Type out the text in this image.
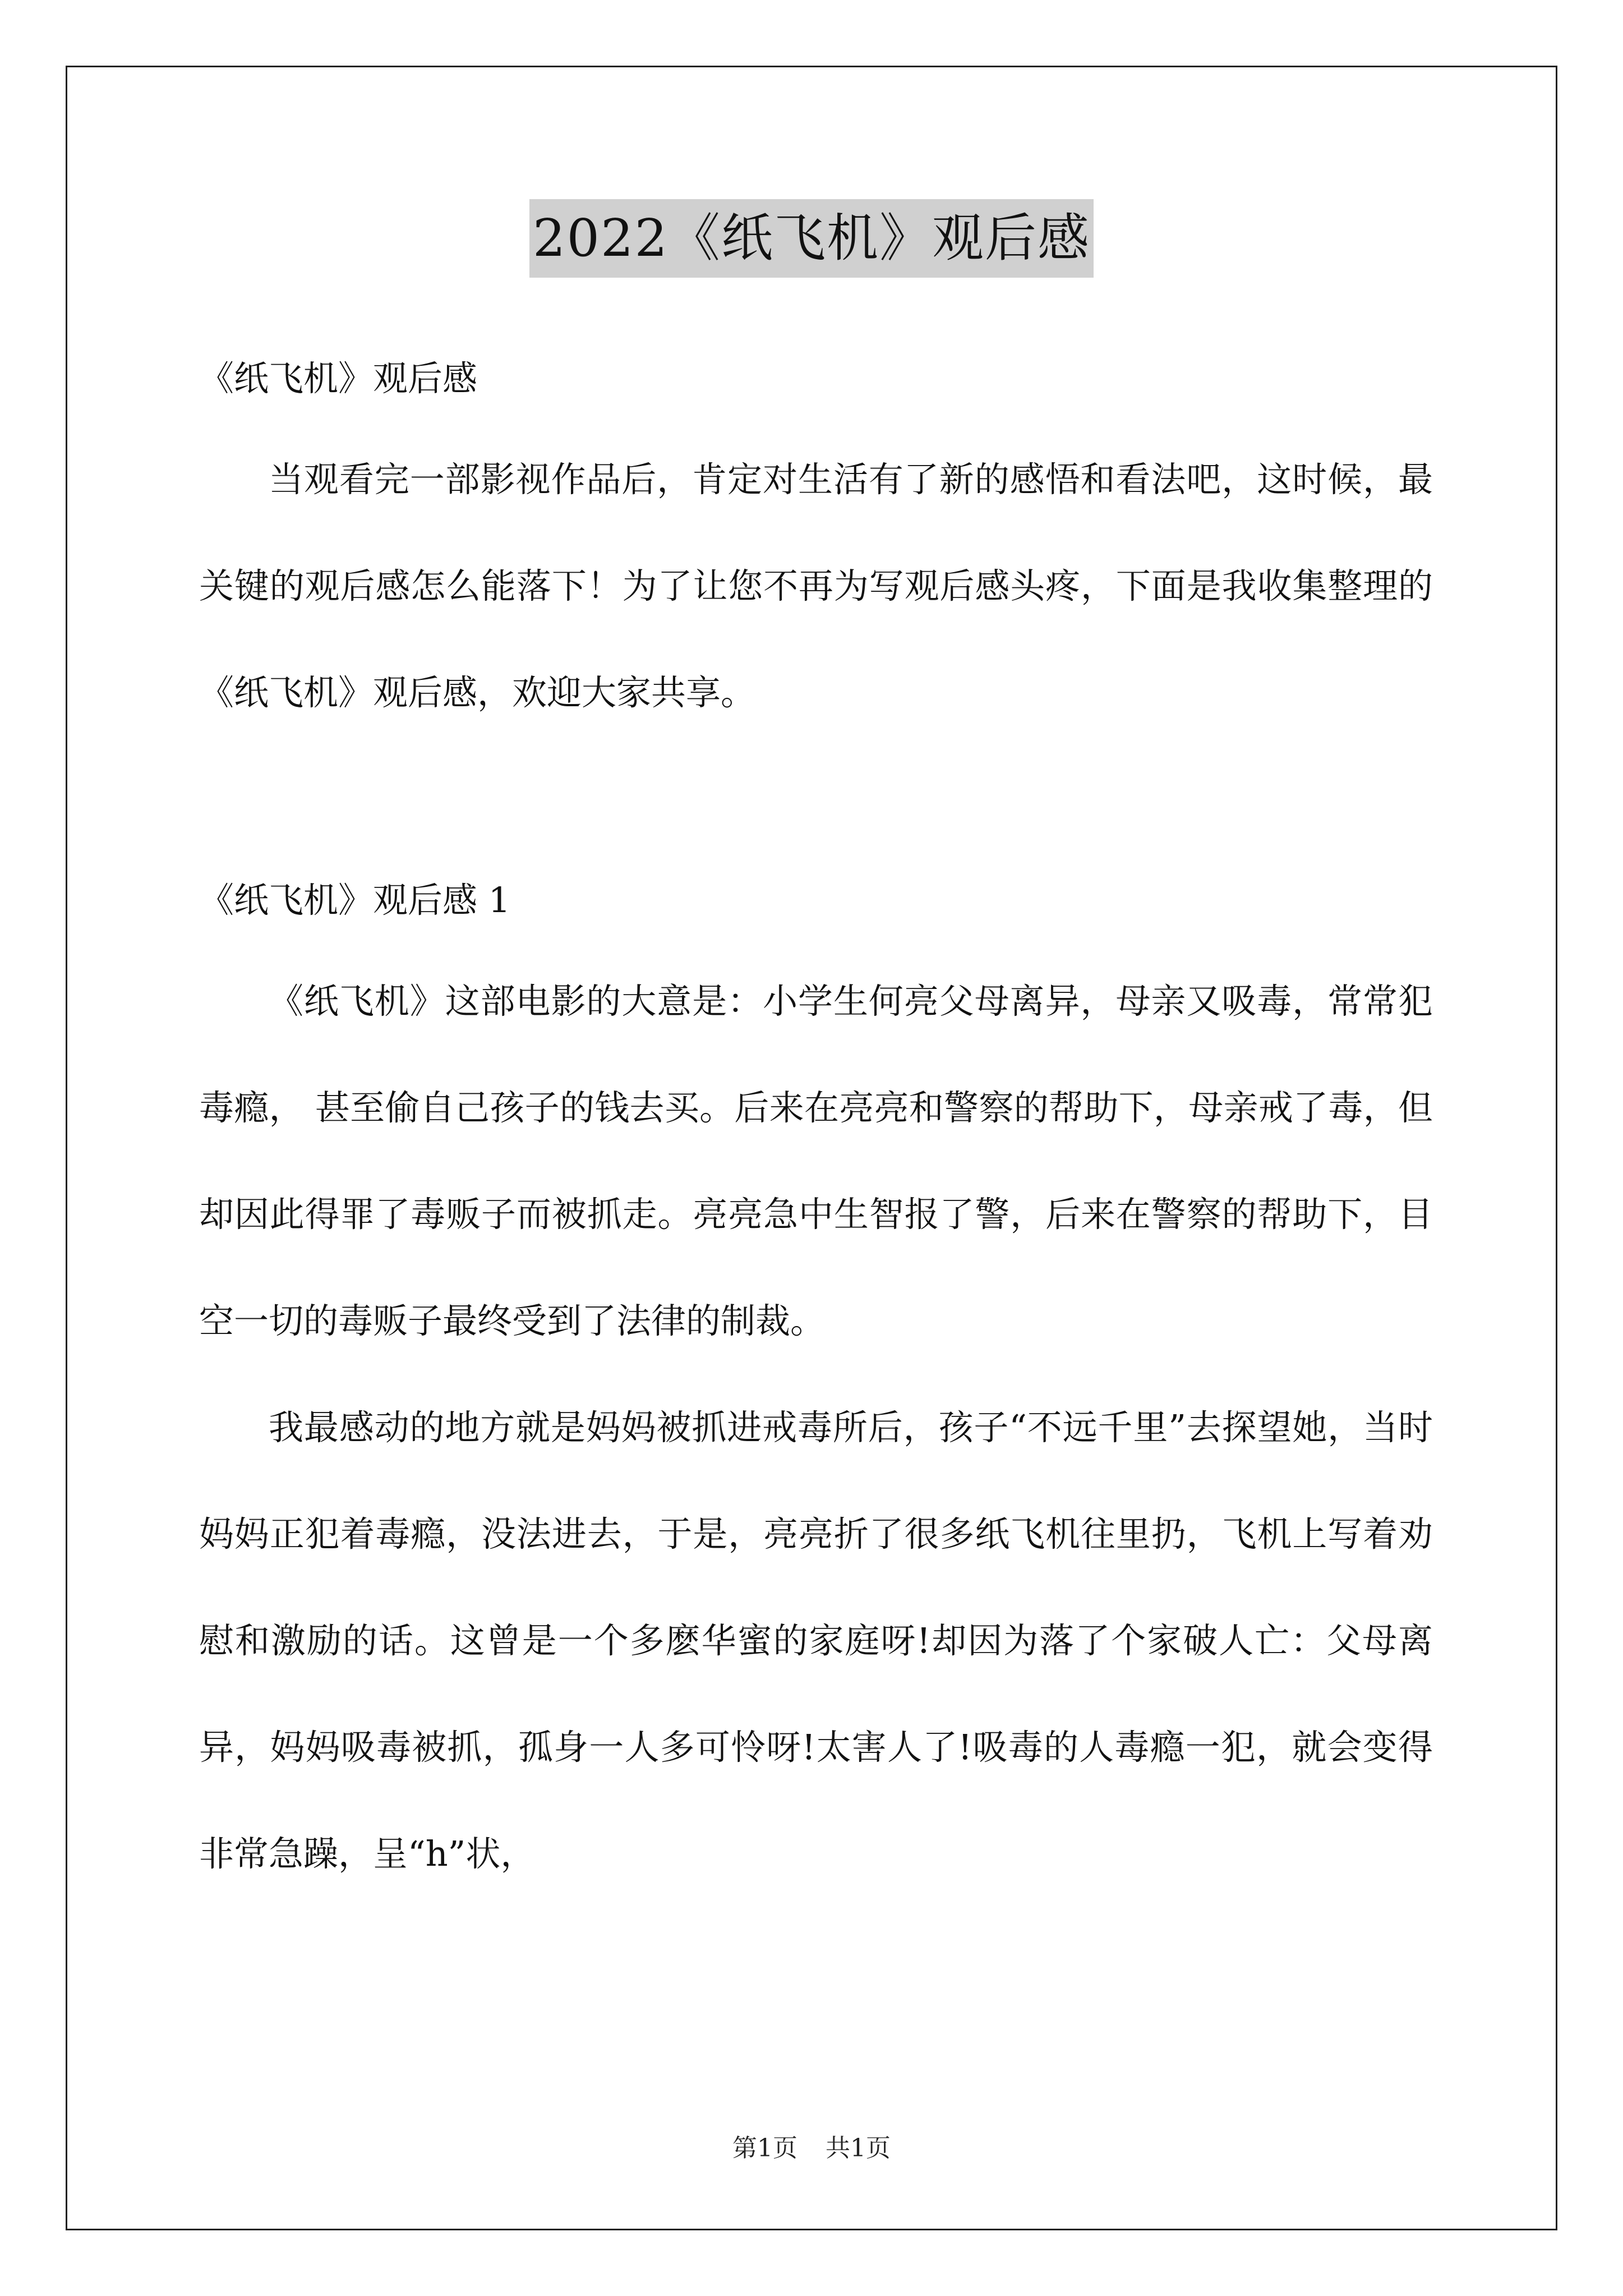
2022《纸飞机》观后感

《纸飞机》观后感

当观看完一部影视作品后，肯定对生活有了新的感悟和看法吧，这时候，最关键的观后感怎么能落下！为了让您不再为写观后感头疼，下面是我收集整理的《纸飞机》观后感，欢迎大家共享。

《纸飞机》观后感 1

《纸飞机》这部电影的大意是：小学生何亮父母离异，母亲又吸毒，常常犯毒瘾， 甚至偷自己孩子的钱去买。后来在亮亮和警察的帮助下，母亲戒了毒，但却因此得罪了毒贩子而被抓走。亮亮急中生智报了警，后来在警察的帮助下，目空一切的毒贩子最终受到了法律的制裁。

我最感动的地方就是妈妈被抓进戒毒所后，孩子“不远千里”去探望她，当时妈妈正犯着毒瘾，没法进去，于是，亮亮折了很多纸飞机往里扔，飞机上写着劝慰和激励的话。这曾是一个多麽华蜜的家庭呀!却因为落了个家破人亡：父母离异，妈妈吸毒被抓，孤身一人多可怜呀!太害人了!吸毒的人毒瘾一犯，就会变得非常急躁，呈“h”状，

第1页 共1页
